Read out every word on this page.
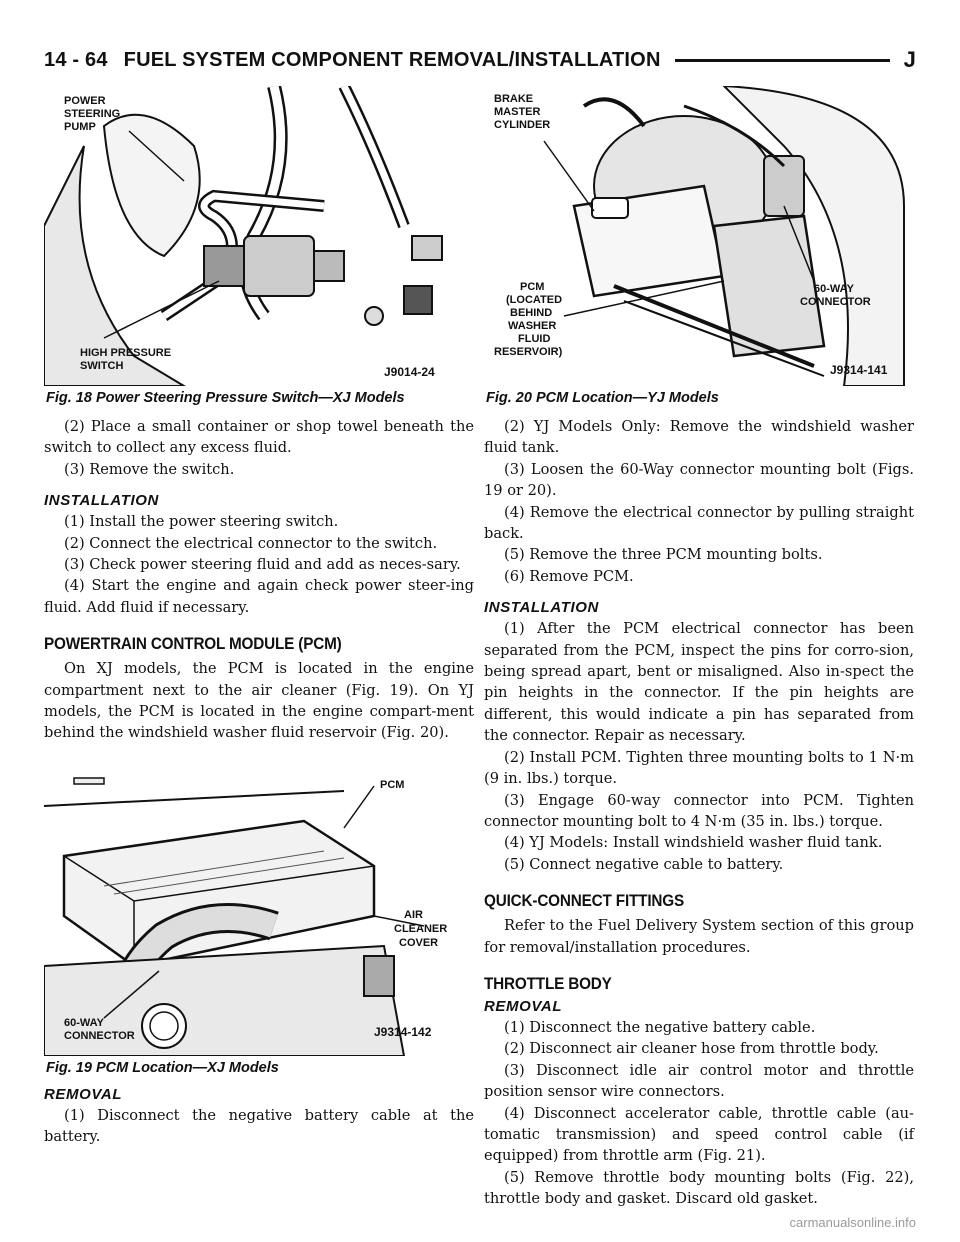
14 - 64 FUEL SYSTEM COMPONENT REMOVAL/INSTALLATION	J
POWER
STEERING
PUMP
HIGH PRESSURE
SWITCH	J9014-24
Fig. 18 Power Steering Pressure Switch—XJ Models

(2) Place a small container or shop towel beneath the switch to collect any excess fluid.

(3) Remove the switch.

INSTALLATION

(1) Install the power steering switch.

(2) Connect the electrical connector to the switch.

(3) Check power steering fluid and add as neces-sary.

(4) Start the engine and again check power steer-ing fluid. Add fluid if necessary.

POWERTRAIN CONTROL MODULE (PCM)

On XJ models, the PCM is located in the engine compartment next to the air cleaner (Fig. 19). On YJ models, the PCM is located in the engine compart-ment behind the windshield washer fluid reservoir (Fig. 20).

PCM
AIR
CLEANER
COVER
60-WAY
CONNECTOR	J9314-142
Fig. 19 PCM Location—XJ Models
REMOVAL

(1) Disconnect the negative battery cable at the battery.

BRAKE
MASTER
CYLINDER
PCM
(LOCATED
BEHIND
WASHER
FLUID
RESERVOIR)
60-WAY
CONNECTOR
J9314-141
Fig. 20 PCM Location—YJ Models

(2) YJ Models Only: Remove the windshield washer fluid tank.

(3) Loosen the 60-Way connector mounting bolt (Figs. 19 or 20).

(4) Remove the electrical connector by pulling straight back.

(5) Remove the three PCM mounting bolts.

(6) Remove PCM.

INSTALLATION

(1) After the PCM electrical connector has been separated from the PCM, inspect the pins for corro-sion, being spread apart, bent or misaligned. Also in-spect the pin heights in the connector. If the pin heights are different, this would indicate a pin has separated from the connector. Repair as necessary.

(2) Install PCM. Tighten three mounting bolts to 1 N·m (9 in. lbs.) torque.

(3) Engage 60-way connector into PCM. Tighten connector mounting bolt to 4 N·m (35 in. lbs.) torque.

(4) YJ Models: Install windshield washer fluid tank.

(5) Connect negative cable to battery.

QUICK-CONNECT FITTINGS

Refer to the Fuel Delivery System section of this group for removal/installation procedures.

THROTTLE BODY
REMOVAL

(1) Disconnect the negative battery cable.

(2) Disconnect air cleaner hose from throttle body.

(3) Disconnect idle air control motor and throttle position sensor wire connectors.

(4) Disconnect accelerator cable, throttle cable (au-tomatic transmission) and speed control cable (if equipped) from throttle arm (Fig. 21).

(5) Remove throttle body mounting bolts (Fig. 22), throttle body and gasket. Discard old gasket.

carmanualsonline.info
